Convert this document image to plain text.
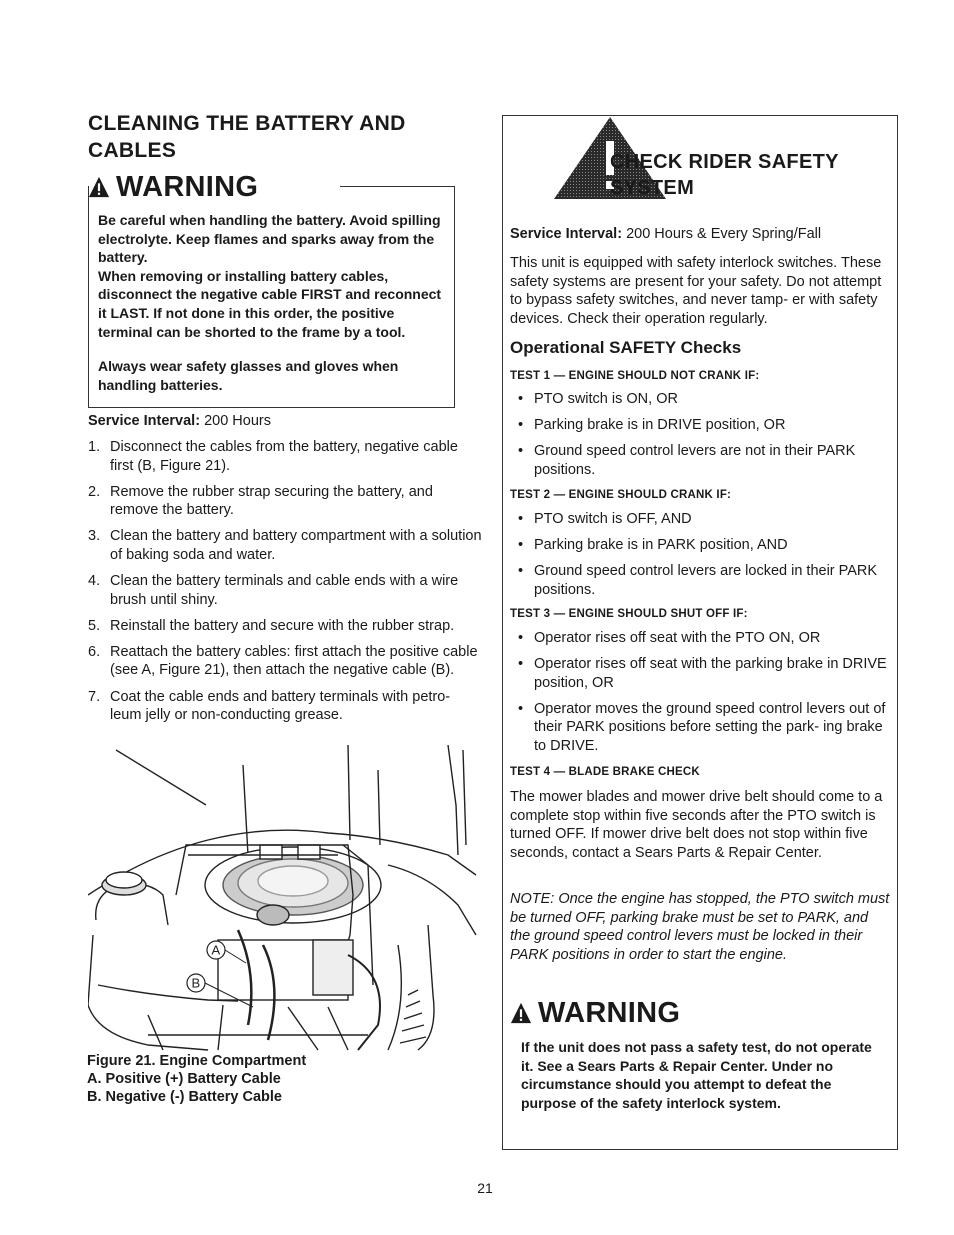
CLEANING THE BATTERY AND CABLES
WARNING

Be careful when handling the battery. Avoid spilling electrolyte. Keep flames and sparks away from the battery.

When removing or installing battery cables, disconnect the negative cable FIRST and reconnect it LAST. If not done in this order, the positive terminal can be shorted to the frame by a tool.

Always wear safety glasses and gloves when handling batteries.

Service Interval: 200 Hours
1. Disconnect the cables from the battery, negative cable first (B, Figure 21).
2. Remove the rubber strap securing the battery, and remove the battery.
3. Clean the battery and battery compartment with a solution of baking soda and water.
4. Clean the battery terminals and cable ends with a wire brush until shiny.
5. Reinstall the battery and secure with the rubber strap.
6. Reattach the battery cables: first attach the positive cable (see A, Figure 21), then attach the negative cable (B).
7. Coat the cable ends and battery terminals with petro- leum jelly or non-conducting grease.
A
B
Figure 21. Engine Compartment
A. Positive (+) Battery Cable
B. Negative (-) Battery Cable
CHECK RIDER SAFETY
SYSTEM
Service Interval: 200 Hours & Every Spring/Fall
This unit is equipped with safety interlock switches. These safety systems are present for your safety. Do not attempt to bypass safety switches, and never tamp- er with safety devices. Check their operation regularly.
Operational SAFETY Checks
TEST 1 — ENGINE SHOULD NOT CRANK IF:
• PTO switch is ON, OR
• Parking brake is in DRIVE position, OR
• Ground speed control levers are not in their PARK positions.
TEST 2 — ENGINE SHOULD CRANK IF:
• PTO switch is OFF, AND
• Parking brake is in PARK position, AND
• Ground speed control levers are locked in their PARK positions.
TEST 3 — ENGINE SHOULD SHUT OFF IF:
• Operator rises off seat with the PTO ON, OR
• Operator rises off seat with the parking brake in DRIVE position, OR
• Operator moves the ground speed control levers out of their PARK positions before setting the park- ing brake to DRIVE.
TEST 4 — BLADE BRAKE CHECK
The mower blades and mower drive belt should come to a complete stop within five seconds after the PTO switch is turned OFF. If mower drive belt does not stop within five seconds, contact a Sears Parts & Repair Center.
NOTE: Once the engine has stopped, the PTO switch must be turned OFF, parking brake must be set to PARK, and the ground speed control levers must be locked in their PARK positions in order to start the engine.
WARNING
If the unit does not pass a safety test, do not operate it. See a Sears Parts & Repair Center. Under no circumstance should you attempt to defeat the purpose of the safety interlock system.
21
